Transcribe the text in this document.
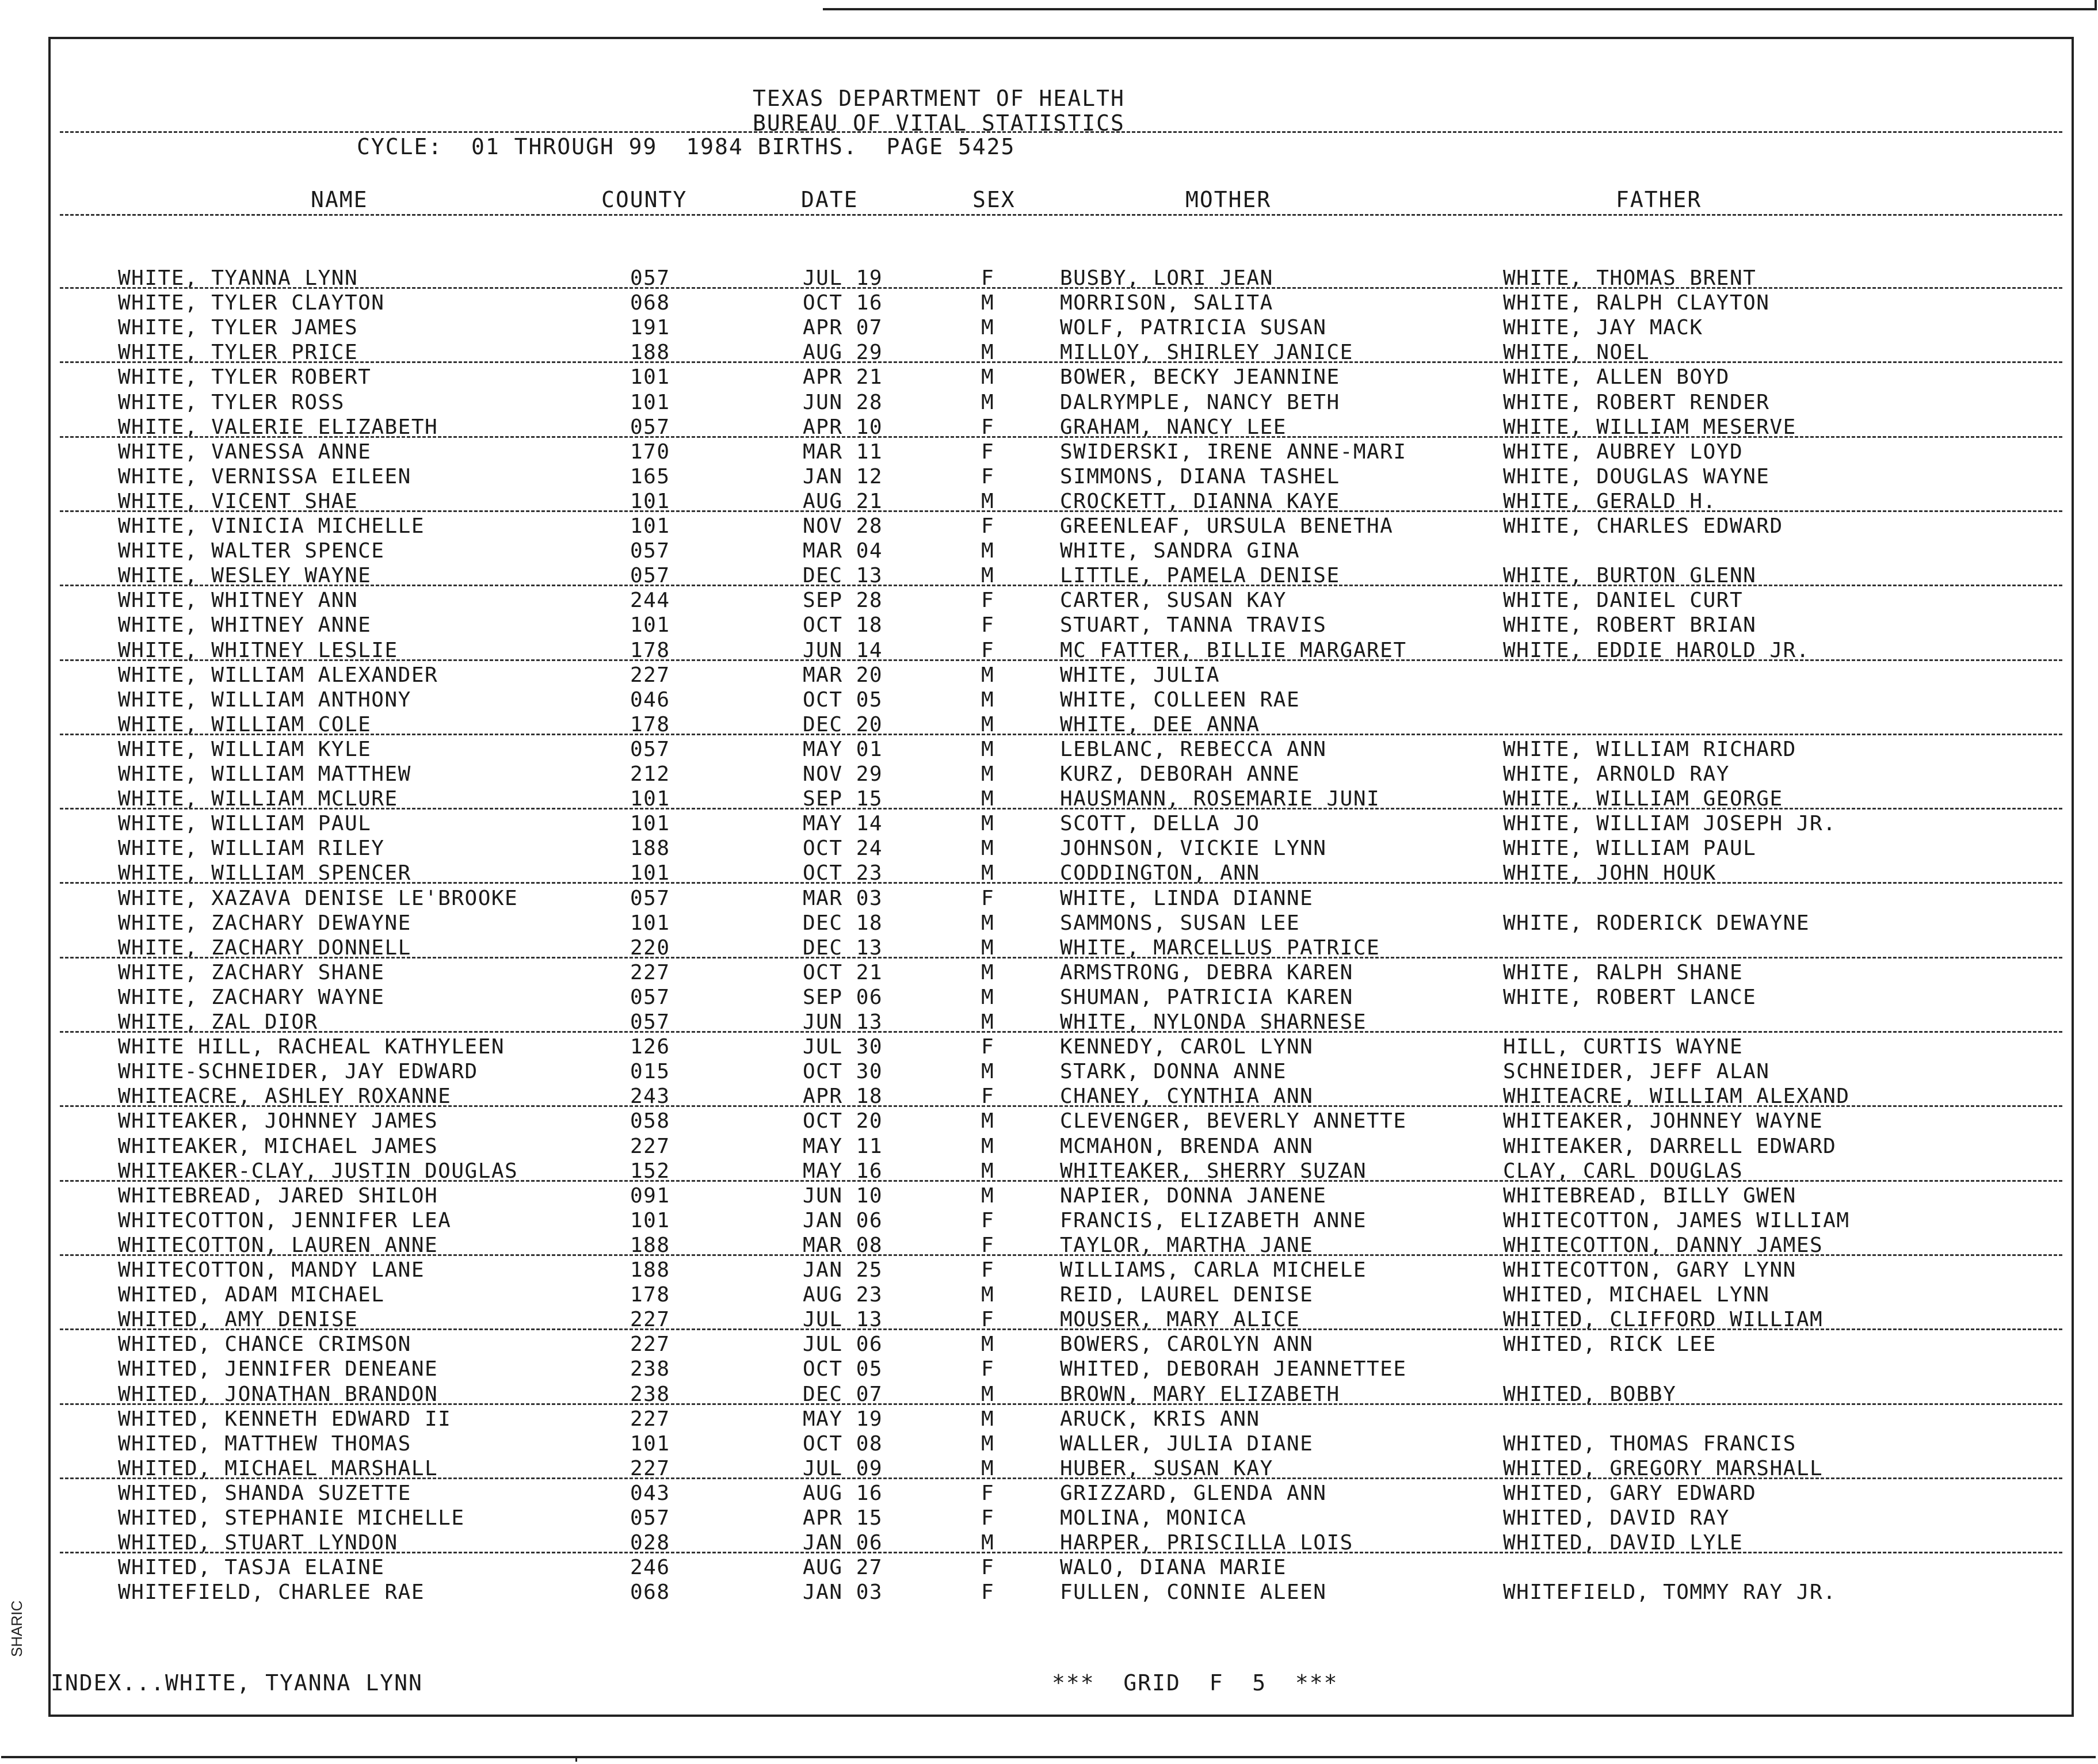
SHARIC
TEXAS DEPARTMENT OF HEALTH
BUREAU OF VITAL STATISTICS
CYCLE:  01 THROUGH 99  1984 BIRTHS.  PAGE 5425
NAME	COUNTY	DATE	SEX	MOTHER	FATHER
WHITE, TYANNA LYNN	057	JUL 19	F	BUSBY, LORI JEAN	WHITE, THOMAS BRENT
WHITE, TYLER CLAYTON	068	OCT 16	M	MORRISON, SALITA	WHITE, RALPH CLAYTON
WHITE, TYLER JAMES	191	APR 07	M	WOLF, PATRICIA SUSAN	WHITE, JAY MACK
WHITE, TYLER PRICE	188	AUG 29	M	MILLOY, SHIRLEY JANICE	WHITE, NOEL
WHITE, TYLER ROBERT	101	APR 21	M	BOWER, BECKY JEANNINE	WHITE, ALLEN BOYD
WHITE, TYLER ROSS	101	JUN 28	M	DALRYMPLE, NANCY BETH	WHITE, ROBERT RENDER
WHITE, VALERIE ELIZABETH	057	APR 10	F	GRAHAM, NANCY LEE	WHITE, WILLIAM MESERVE
WHITE, VANESSA ANNE	170	MAR 11	F	SWIDERSKI, IRENE ANNE-MARI	WHITE, AUBREY LOYD
WHITE, VERNISSA EILEEN	165	JAN 12	F	SIMMONS, DIANA TASHEL	WHITE, DOUGLAS WAYNE
WHITE, VICENT SHAE	101	AUG 21	M	CROCKETT, DIANNA KAYE	WHITE, GERALD H.
WHITE, VINICIA MICHELLE	101	NOV 28	F	GREENLEAF, URSULA BENETHA	WHITE, CHARLES EDWARD
WHITE, WALTER SPENCE	057	MAR 04	M	WHITE, SANDRA GINA
WHITE, WESLEY WAYNE	057	DEC 13	M	LITTLE, PAMELA DENISE	WHITE, BURTON GLENN
WHITE, WHITNEY ANN	244	SEP 28	F	CARTER, SUSAN KAY	WHITE, DANIEL CURT
WHITE, WHITNEY ANNE	101	OCT 18	F	STUART, TANNA TRAVIS	WHITE, ROBERT BRIAN
WHITE, WHITNEY LESLIE	178	JUN 14	F	MC FATTER, BILLIE MARGARET	WHITE, EDDIE HAROLD JR.
WHITE, WILLIAM ALEXANDER	227	MAR 20	M	WHITE, JULIA
WHITE, WILLIAM ANTHONY	046	OCT 05	M	WHITE, COLLEEN RAE
WHITE, WILLIAM COLE	178	DEC 20	M	WHITE, DEE ANNA
WHITE, WILLIAM KYLE	057	MAY 01	M	LEBLANC, REBECCA ANN	WHITE, WILLIAM RICHARD
WHITE, WILLIAM MATTHEW	212	NOV 29	M	KURZ, DEBORAH ANNE	WHITE, ARNOLD RAY
WHITE, WILLIAM MCLURE	101	SEP 15	M	HAUSMANN, ROSEMARIE JUNI	WHITE, WILLIAM GEORGE
WHITE, WILLIAM PAUL	101	MAY 14	M	SCOTT, DELLA JO	WHITE, WILLIAM JOSEPH JR.
WHITE, WILLIAM RILEY	188	OCT 24	M	JOHNSON, VICKIE LYNN	WHITE, WILLIAM PAUL
WHITE, WILLIAM SPENCER	101	OCT 23	M	CODDINGTON, ANN	WHITE, JOHN HOUK
WHITE, XAZAVA DENISE LE'BROOKE	057	MAR 03	F	WHITE, LINDA DIANNE
WHITE, ZACHARY DEWAYNE	101	DEC 18	M	SAMMONS, SUSAN LEE	WHITE, RODERICK DEWAYNE
WHITE, ZACHARY DONNELL	220	DEC 13	M	WHITE, MARCELLUS PATRICE
WHITE, ZACHARY SHANE	227	OCT 21	M	ARMSTRONG, DEBRA KAREN	WHITE, RALPH SHANE
WHITE, ZACHARY WAYNE	057	SEP 06	M	SHUMAN, PATRICIA KAREN	WHITE, ROBERT LANCE
WHITE, ZAL DIOR	057	JUN 13	M	WHITE, NYLONDA SHARNESE
WHITE HILL, RACHEAL KATHYLEEN	126	JUL 30	F	KENNEDY, CAROL LYNN	HILL, CURTIS WAYNE
WHITE-SCHNEIDER, JAY EDWARD	015	OCT 30	M	STARK, DONNA ANNE	SCHNEIDER, JEFF ALAN
WHITEACRE, ASHLEY ROXANNE	243	APR 18	F	CHANEY, CYNTHIA ANN	WHITEACRE, WILLIAM ALEXAND
WHITEAKER, JOHNNEY JAMES	058	OCT 20	M	CLEVENGER, BEVERLY ANNETTE	WHITEAKER, JOHNNEY WAYNE
WHITEAKER, MICHAEL JAMES	227	MAY 11	M	MCMAHON, BRENDA ANN	WHITEAKER, DARRELL EDWARD
WHITEAKER-CLAY, JUSTIN DOUGLAS	152	MAY 16	M	WHITEAKER, SHERRY SUZAN	CLAY, CARL DOUGLAS
WHITEBREAD, JARED SHILOH	091	JUN 10	M	NAPIER, DONNA JANENE	WHITEBREAD, BILLY GWEN
WHITECOTTON, JENNIFER LEA	101	JAN 06	F	FRANCIS, ELIZABETH ANNE	WHITECOTTON, JAMES WILLIAM
WHITECOTTON, LAUREN ANNE	188	MAR 08	F	TAYLOR, MARTHA JANE	WHITECOTTON, DANNY JAMES
WHITECOTTON, MANDY LANE	188	JAN 25	F	WILLIAMS, CARLA MICHELE	WHITECOTTON, GARY LYNN
WHITED, ADAM MICHAEL	178	AUG 23	M	REID, LAUREL DENISE	WHITED, MICHAEL LYNN
WHITED, AMY DENISE	227	JUL 13	F	MOUSER, MARY ALICE	WHITED, CLIFFORD WILLIAM
WHITED, CHANCE CRIMSON	227	JUL 06	M	BOWERS, CAROLYN ANN	WHITED, RICK LEE
WHITED, JENNIFER DENEANE	238	OCT 05	F	WHITED, DEBORAH JEANNETTEE
WHITED, JONATHAN BRANDON	238	DEC 07	M	BROWN, MARY ELIZABETH	WHITED, BOBBY
WHITED, KENNETH EDWARD II	227	MAY 19	M	ARUCK, KRIS ANN
WHITED, MATTHEW THOMAS	101	OCT 08	M	WALLER, JULIA DIANE	WHITED, THOMAS FRANCIS
WHITED, MICHAEL MARSHALL	227	JUL 09	M	HUBER, SUSAN KAY	WHITED, GREGORY MARSHALL
WHITED, SHANDA SUZETTE	043	AUG 16	F	GRIZZARD, GLENDA ANN	WHITED, GARY EDWARD
WHITED, STEPHANIE MICHELLE	057	APR 15	F	MOLINA, MONICA	WHITED, DAVID RAY
WHITED, STUART LYNDON	028	JAN 06	M	HARPER, PRISCILLA LOIS	WHITED, DAVID LYLE
WHITED, TASJA ELAINE	246	AUG 27	F	WALO, DIANA MARIE
WHITEFIELD, CHARLEE RAE	068	JAN 03	F	FULLEN, CONNIE ALEEN	WHITEFIELD, TOMMY RAY JR.
INDEX...WHITE, TYANNA LYNN	***  GRID  F  5  ***
